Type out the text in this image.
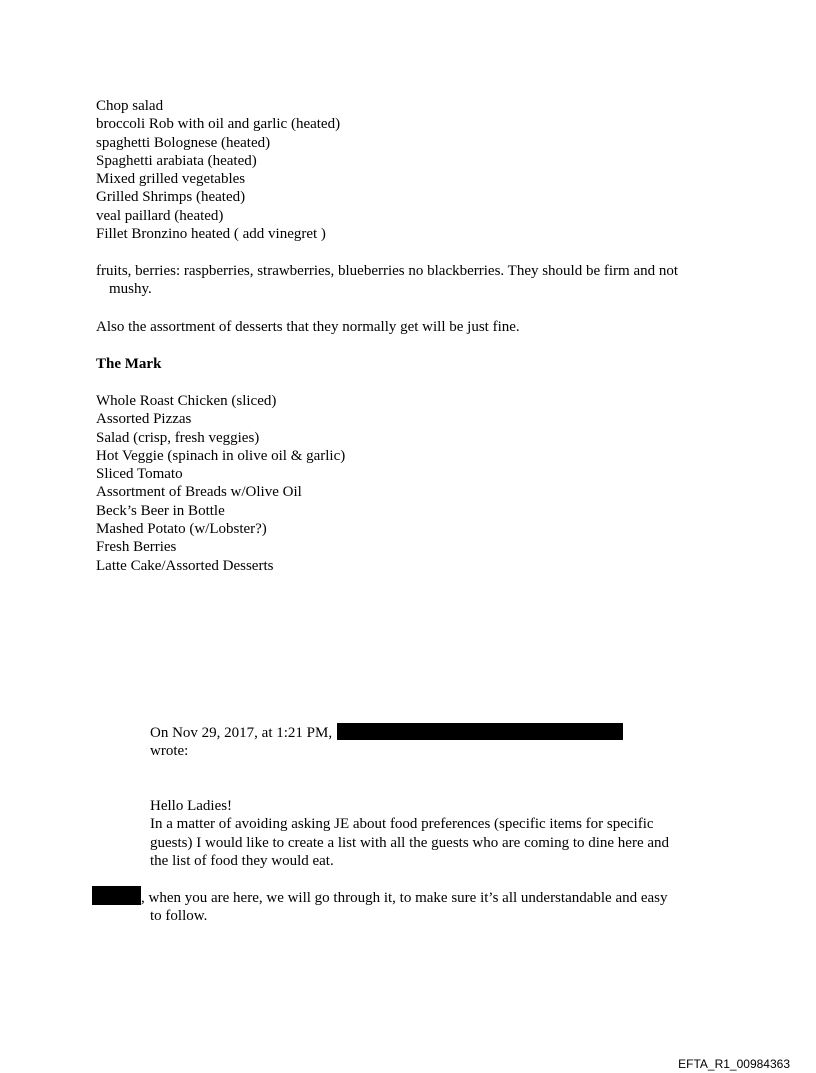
Chop salad
broccoli Rob with oil and garlic (heated)
spaghetti Bolognese (heated)
Spaghetti arabiata (heated)
Mixed grilled vegetables
Grilled Shrimps (heated)
veal paillard (heated)
Fillet Bronzino heated ( add vinegret )
fruits, berries: raspberries, strawberries, blueberries no blackberries. They should be firm and not mushy.
Also the assortment of desserts that they normally get will be just fine.
The Mark
Whole Roast Chicken (sliced)
Assorted Pizzas
Salad (crisp, fresh veggies)
Hot Veggie (spinach in olive oil & garlic)
Sliced Tomato
Assortment of Breads w/Olive Oil
Beck’s Beer in Bottle
Mashed Potato (w/Lobster?)
Fresh Berries
Latte Cake/Assorted Desserts
On Nov 29, 2017, at 1:21 PM,
wrote:
Hello Ladies!
In a matter of avoiding asking JE about food preferences (specific items for specific guests) I would like to create a list with all the guests who are coming to dine here and the list of food they would eat.
, when you are here, we will go through it, to make sure it’s all understandable and easy to follow.
EFTA_R1_00984363
